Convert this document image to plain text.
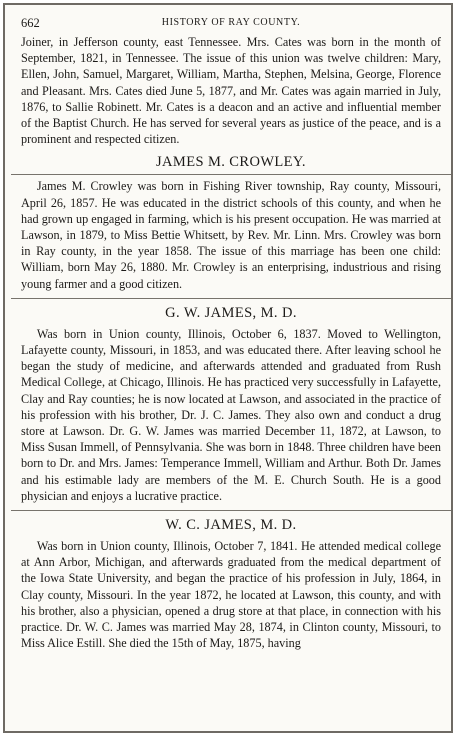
662	HISTORY OF RAY COUNTY.

Joiner, in Jefferson county, east Tennessee. Mrs. Cates was born in the month of September, 1821, in Tennessee. The issue of this union was twelve children: Mary, Ellen, John, Samuel, Margaret, William, Martha, Stephen, Melsina, George, Florence and Pleasant. Mrs. Cates died June 5, 1877, and Mr. Cates was again married in July, 1876, to Sallie Robinett. Mr. Cates is a deacon and an active and influential member of the Baptist Church. He has served for several years as justice of the peace, and is a prominent and respected citizen.

JAMES M. CROWLEY.

James M. Crowley was born in Fishing River township, Ray county, Missouri, April 26, 1857. He was educated in the district schools of this county, and when he had grown up engaged in farming, which is his present occupation. He was married at Lawson, in 1879, to Miss Bettie Whitsett, by Rev. Mr. Linn. Mrs. Crowley was born in Ray county, in the year 1858. The issue of this marriage has been one child: William, born May 26, 1880. Mr. Crowley is an enterprising, industrious and rising young farmer and a good citizen.

G. W. JAMES, M. D.

Was born in Union county, Illinois, October 6, 1837. Moved to Wellington, Lafayette county, Missouri, in 1853, and was educated there. After leaving school he began the study of medicine, and afterwards attended and graduated from Rush Medical College, at Chicago, Illinois. He has practiced very successfully in Lafayette, Clay and Ray counties; he is now located at Lawson, and associated in the practice of his profession with his brother, Dr. J. C. James. They also own and conduct a drug store at Lawson. Dr. G. W. James was married December 11, 1872, at Lawson, to Miss Susan Immell, of Pennsylvania. She was born in 1848. Three children have been born to Dr. and Mrs. James: Temperance Immell, William and Arthur. Both Dr. James and his estimable lady are members of the M. E. Church South. He is a good physician and enjoys a lucrative practice.

W. C. JAMES, M. D.

Was born in Union county, Illinois, October 7, 1841. He attended medical college at Ann Arbor, Michigan, and afterwards graduated from the medical department of the Iowa State University, and began the practice of his profession in July, 1864, in Clay county, Missouri. In the year 1872, he located at Lawson, this county, and with his brother, also a physician, opened a drug store at that place, in connection with his practice. Dr. W. C. James was married May 28, 1874, in Clinton county, Missouri, to Miss Alice Estill. She died the 15th of May, 1875, having
